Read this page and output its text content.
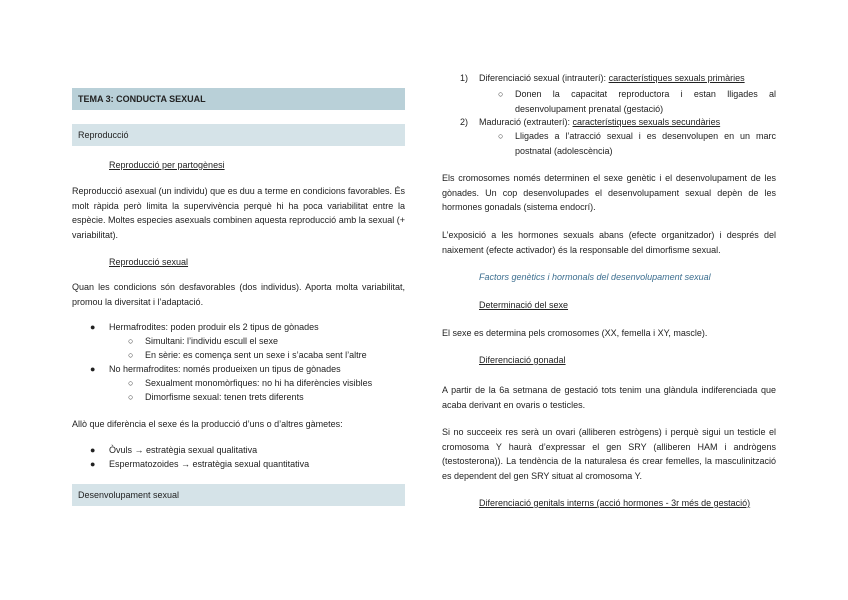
TEMA 3: CONDUCTA SEXUAL
Reproducció
Reproducció per partogènesi
Reproducció asexual (un individu) que es duu a terme en condicions favorables. És molt ràpida però limita la supervivència perquè hi ha poca variabilitat entre la espècie. Moltes especies asexuals combinen aquesta reproducció amb la sexual (+ variabilitat).
Reproducció sexual
Quan les condicions són desfavorables (dos individus). Aporta molta variabilitat, promou la diversitat i l’adaptació.
● Hermafrodites: poden produir els 2 tipus de gònades
○ Simultani: l’individu escull el sexe
○ En sèrie: es comença sent un sexe i s’acaba sent l’altre
● No hermafrodites: només produeixen un tipus de gònades
○ Sexualment monomòrfiques: no hi ha diferències visibles
○ Dimorfisme sexual: tenen trets diferents
Allò que diferència el sexe és la producció d’uns o d’altres gàmetes:
● Òvuls → estratègia sexual qualitativa
● Espermatozoides → estratègia sexual quantitativa
Desenvolupament sexual
1) Diferenciació sexual (intrauterí): característiques sexuals primàries
○ Donen la capacitat reproductora i estan lligades al desenvolupament prenatal (gestació)
2) Maduració (extrauterí): característiques sexuals secundàries
○ Lligades a l’atracció sexual i es desenvolupen en un marc postnatal (adolescència)
Els cromosomes només determinen el sexe genètic i el desenvolupament de les gònades. Un cop desenvolupades el desenvolupament sexual depèn de les hormones gonadals (sistema endocrí).
L’exposició a les hormones sexuals abans (efecte organitzador) i després del naixement (efecte activador) és la responsable del dimorfisme sexual.
Factors genètics i hormonals del desenvolupament sexual
Determinació del sexe
El sexe es determina pels cromosomes (XX, femella i XY, mascle).
Diferenciació gonadal
A partir de la 6a setmana de gestació tots tenim una glàndula indiferenciada que acaba derivant en ovaris o testicles.
Si no succeeix res serà un ovari (alliberen estrògens) i perquè sigui un testicle el cromosoma Y haurà d’expressar el gen SRY (alliberen HAM i andrògens (testosterona)). La tendència de la naturalesa és crear femelles, la masculinització es dependent del gen SRY situat al cromosoma Y.
Diferenciació genitals interns (acció hormones - 3r més de gestació)
